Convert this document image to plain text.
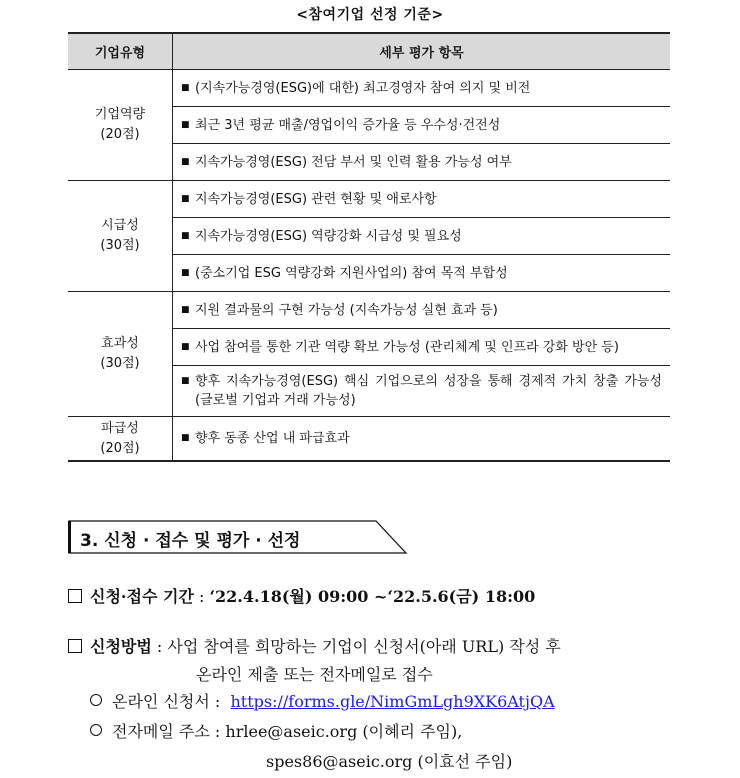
<참여기업 선정 기준>
기업유형	세부 평가 항목

기업역량
(20점)	■ (지속가능경영(ESG)에 대한) 최고경영자 참여 의지 및 비전
	■ 최근 3년 평균 매출/영업이익 증가율 등 우수성·건전성
	■ 지속가능경영(ESG) 전담 부서 및 인력 활용 가능성 여부

시급성
(30점)	■ 지속가능경영(ESG) 관련 현황 및 애로사항
	■ 지속가능경영(ESG) 역량강화 시급성 및 필요성
	■ (중소기업 ESG 역량강화 지원사업의) 참여 목적 부합성

효과성
(30점)	■ 지원 결과물의 구현 가능성 (지속가능성 실현 효과 등)
	■ 사업 참여를 통한 기관 역량 확보 가능성 (관리체계 및 인프라 강화 방안 등)

	■ 향후 지속가능경영(ESG) 핵심 기업으로의 성장을 통해 경제적 가치 창출 가능성 (글로벌 기업과 거래 가능성)

파급성
(20점)	■ 향후 동종 산업 내 파급효과
3. 신청 · 접수 및 평가 · 선정
신청·접수 기간 : ‘22.4.18(월) 09:00 ~‘22.5.6(금) 18:00
신청방법 : 사업 참여를 희망하는 기업이 신청서(아래 URL) 작성 후
온라인 제출 또는 전자메일로 접수
온라인 신청서 : https://forms.gle/NimGmLgh9XK6AtjQA
전자메일 주소 : hrlee@aseic.org (이혜리 주임),
spes86@aseic.org (이효선 주임)
